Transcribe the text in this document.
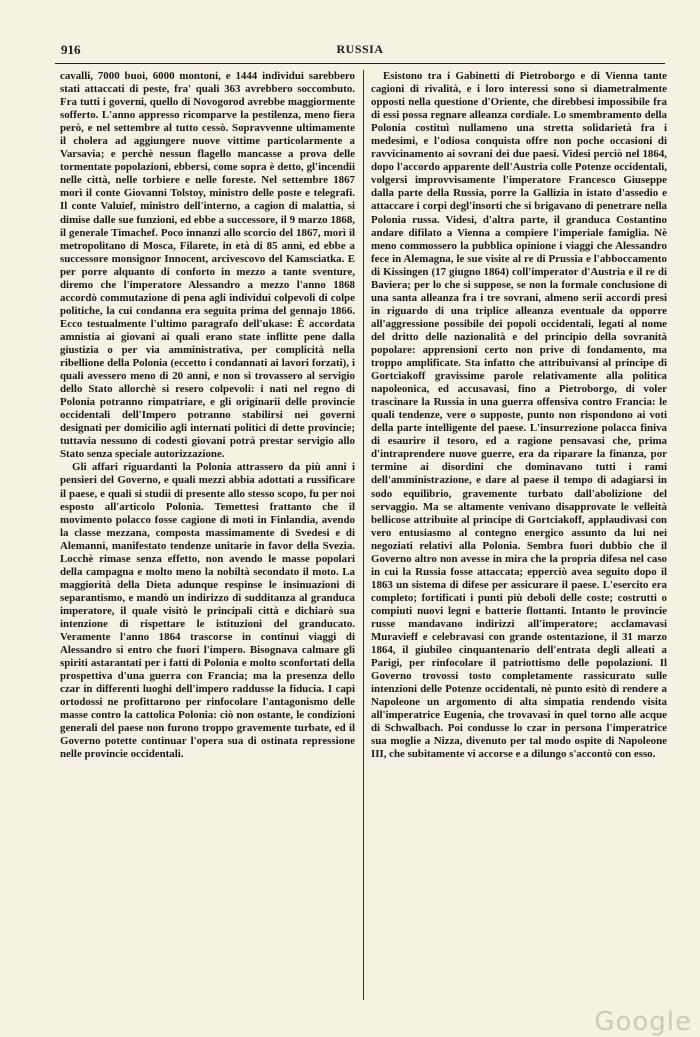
916	RUSSIA

cavalli, 7000 buoi, 6000 montoni, e 1444 individui sarebbero stati attaccati di peste, fra' quali 363 avrebbero soccombuto. Fra tutti i governi, quello di Novogorod avrebbe maggiormente sofferto. L'anno appresso ricomparve la pestilenza, meno fiera però, e nel settembre al tutto cessò. Sopravvenne ultimamente il cholera ad aggiungere nuove vittime particolarmente a Varsavia; e perchè nessun flagello mancasse a prova delle tormentate popolazioni, ebbersi, come sopra è detto, gl'incendii nelle città, nelle torbiere e nelle foreste. Nel settembre 1867 morì il conte Giovanni Tolstoy, ministro delle poste e telegrafi. Il conte Valuief, ministro dell'interno, a cagion di malattia, si dimise dalle sue funzioni, ed ebbe a successore, il 9 marzo 1868, il generale Timachef. Poco innanzi allo scorcio del 1867, morì il metropolitano di Mosca, Filarete, in età di 85 anni, ed ebbe a successore monsignor Innocent, arcivescovo del Kamsciatka. E per porre alquanto di conforto in mezzo a tante sventure, diremo che l'imperatore Alessandro a mezzo l'anno 1868 accordò commutazione di pena agli individui colpevoli di colpe politiche, la cui condanna era seguita prima del gennajo 1866. Ecco testualmente l'ultimo paragrafo dell'ukase: È accordata amnistia ai giovani ai quali erano state inflitte pene dalla giustizia o per via amministrativa, per complicità nella ribellione della Polonia (eccetto i condannati ai lavori forzati), i quali avessero meno di 20 anni, e non si trovassero al servigio dello Stato allorchè si resero colpevoli: i nati nel regno di Polonia potranno rimpatriare, e gli originarii delle provincie occidentali dell'Impero potranno stabilirsi nei governi designati per domicilio agli internati politici di dette provincie; tuttavia nessuno di codesti giovani potrà prestar servigio allo Stato senza speciale autorizzazione.

Gli affari riguardanti la Polonia attrassero da più anni i pensieri del Governo, e quali mezzi abbia adottati a russificare il paese, e quali si studii di presente allo stesso scopo, fu per noi esposto all'articolo Polonia. Temettesi frattanto che il movimento polacco fosse cagione di moti in Finlandia, avendo la classe mezzana, composta massimamente di Svedesi e di Alemanni, manifestato tendenze unitarie in favor della Svezia. Locchè rimase senza effetto, non avendo le masse popolari della campagna e molto meno la nobiltà secondato il moto. La maggiorità della Dieta adunque respinse le insinuazioni di separantismo, e mandò un indirizzo di sudditanza al granduca imperatore, il quale visitò le principali città e dichiarò sua intenzione di rispettare le istituzioni del granducato. Veramente l'anno 1864 trascorse in continui viaggi di Alessandro si entro che fuori l'impero. Bisognava calmare gli spiriti astarantati per i fatti di Polonia e molto sconfortati della prospettiva d'una guerra con Francia; ma la presenza dello czar in differenti luoghi dell'impero raddusse la fiducia. I capi ortodossi ne profittarono per rinfocolare l'antagonismo delle masse contro la cattolica Polonia: ciò non ostante, le condizioni generali del paese non furono troppo gravemente turbate, ed il Governo potette continuar l'opera sua di ostinata repressione nelle provincie occidentali.

Esistono tra i Gabinetti di Pietroborgo e di Vienna tante cagioni di rivalità, e i loro interessi sono sì diametralmente opposti nella questione d'Oriente, che direbbesi impossibile fra di essi possa regnare alleanza cordiale. Lo smembramento della Polonia costituì nullameno una stretta solidarietà fra i medesimi, e l'odiosa conquista offre non poche occasioni di ravvicinamento ai sovrani dei due paesi. Videsi perciò nel 1864, dopo l'accordo apparente dell'Austria colle Potenze occidentali, volgersi improvvisamente l'imperatore Francesco Giuseppe dalla parte della Russia, porre la Gallizia in istato d'assedio e attaccare i corpi degl'insorti che si brigavano di penetrare nella Polonia russa. Videsi, d'altra parte, il granduca Costantino andare difilato a Vienna a compiere l'imperiale famiglia. Nè meno commossero la pubblica opinione i viaggi che Alessandro fece in Alemagna, le sue visite al re di Prussia e l'abboccamento di Kissingen (17 giugno 1864) coll'imperator d'Austria e il re di Baviera; per lo che si suppose, se non la formale conclusione di una santa alleanza fra i tre sovrani, almeno serii accordi presi in riguardo di una triplice alleanza eventuale da opporre all'aggressione possibile dei popoli occidentali, legati al nome del dritto delle nazionalità e del principio della sovranità popolare: apprensioni certo non prive di fondamento, ma troppo amplificate. Sta infatto che attribuivansi al principe di Gortciakoff gravissime parole relativamente alla politica napoleonica, ed accusavasi, fino a Pietroborgo, di voler trascinare la Russia in una guerra offensiva contro Francia: le quali tendenze, vere o supposte, punto non rispondono ai voti della parte intelligente del paese. L'insurrezione polacca finiva di esaurire il tesoro, ed a ragione pensavasi che, prima d'intraprendere nuove guerre, era da riparare la finanza, por termine ai disordini che dominavano tutti i rami dell'amministrazione, e dare al paese il tempo di adagiarsi in sodo equilibrio, gravemente turbato dall'abolizione del servaggio. Ma se altamente venivano disapprovate le velleità bellicose attribuite al principe di Gortciakoff, applaudivasi con vero entusiasmo al contegno energico assunto da lui nei negoziati relativi alla Polonia. Sembra fuori dubbio che il Governo altro non avesse in mira che la propria difesa nel caso in cui la Russia fosse attaccata; epperciò avea seguito dopo il 1863 un sistema di difese per assicurare il paese. L'esercito era completo; fortificati i punti più deboli delle coste; costrutti o compiuti nuovi legni e batterie flottanti. Intanto le provincie russe mandavano indirizzi all'imperatore; acclamavasi Muravieff e celebravasi con grande ostentazione, il 31 marzo 1864, il giubileo cinquantenario dell'entrata degli alleati a Parigi, per rinfocolare il patriottismo delle popolazioni. Il Governo trovossi tosto completamente rassicurato sulle intenzioni delle Potenze occidentali, nè punto esitò di rendere a Napoleone un argomento di alta simpatia rendendo visita all'imperatrice Eugenia, che trovavasi in quel torno alle acque di Schwalbach. Poi condusse lo czar in persona l'imperatrice sua moglie a Nizza, divenuto per tal modo ospite di Napoleone III, che subitamente vi accorse e a dilungo s'accontò con esso.

Google
